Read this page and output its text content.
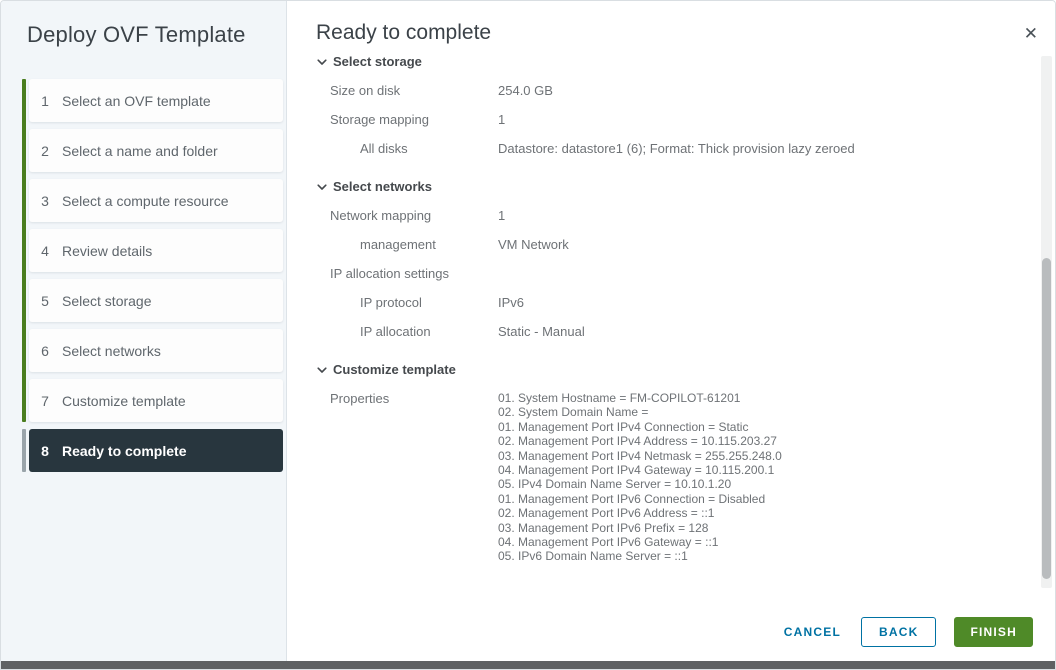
Deploy OVF Template
1 Select an OVF template
2 Select a name and folder
3 Select a compute resource
4 Review details
5 Select storage
6 Select networks
7 Customize template
8 Ready to complete
Ready to complete
Select storage
Size on disk	254.0 GB
Storage mapping	1
All disks	Datastore: datastore1 (6); Format: Thick provision lazy zeroed
Select networks
Network mapping	1
management	VM Network
IP allocation settings
IP protocol	IPv6
IP allocation	Static - Manual
Customize template
Properties	01. System Hostname = FM-COPILOT-61201
02. System Domain Name =
01. Management Port IPv4 Connection = Static
02. Management Port IPv4 Address = 10.115.203.27
03. Management Port IPv4 Netmask = 255.255.248.0
04. Management Port IPv4 Gateway = 10.115.200.1
05. IPv4 Domain Name Server = 10.10.1.20
01. Management Port IPv6 Connection = Disabled
02. Management Port IPv6 Address = ::1
03. Management Port IPv6 Prefix = 128
04. Management Port IPv6 Gateway = ::1
05. IPv6 Domain Name Server = ::1
✕
CANCEL	BACK	FINISH
